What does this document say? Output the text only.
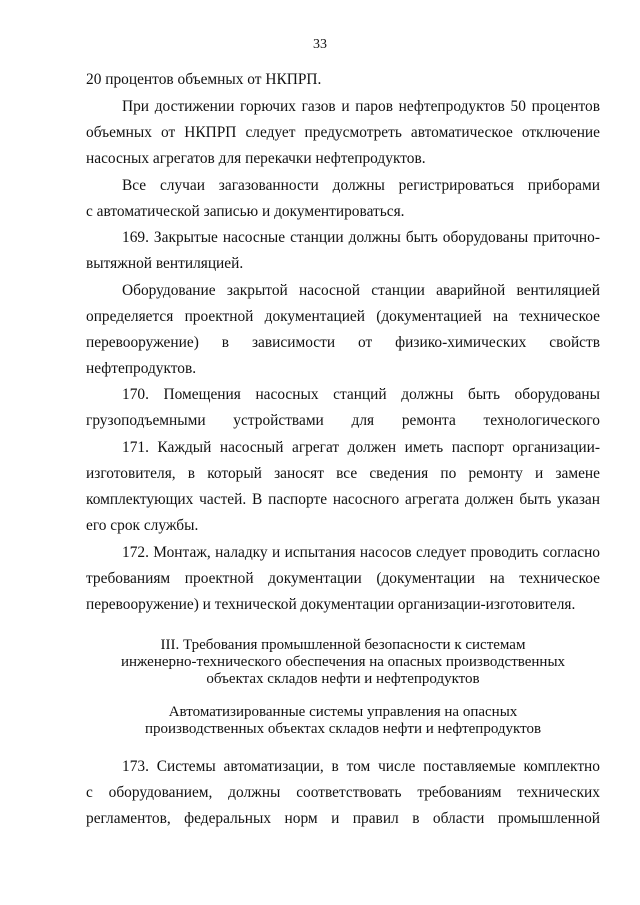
33
20 процентов объемных от НКПРП.
При достижении горючих газов и паров нефтепродуктов 50 процентов
объемных от НКПРП следует предусмотреть автоматическое отключение
насосных агрегатов для перекачки нефтепродуктов.
Все случаи загазованности должны регистрироваться приборами
с автоматической записью и документироваться.
169. Закрытые насосные станции должны быть оборудованы приточно-
вытяжной вентиляцией.
Оборудование закрытой насосной станции аварийной вентиляцией
определяется проектной документацией (документацией на техническое
перевооружение) в зависимости от физико-химических свойств
нефтепродуктов.
170. Помещения насосных станций должны быть оборудованы
грузоподъемными устройствами для ремонта технологического
171. Каждый насосный агрегат должен иметь паспорт организации-
изготовителя, в который заносят все сведения по ремонту и замене
комплектующих частей. В паспорте насосного агрегата должен быть указан
его срок службы.
172. Монтаж, наладку и испытания насосов следует проводить согласно
требованиям проектной документации (документации на техническое
перевооружение) и технической документации организации-изготовителя.
III. Требования промышленной безопасности к системам
инженерно-технического обеспечения на опасных производственных
объектах складов нефти и нефтепродуктов
Автоматизированные системы управления на опасных
производственных объектах складов нефти и нефтепродуктов
173. Системы автоматизации, в том числе поставляемые комплектно
с оборудованием, должны соответствовать требованиям технических
регламентов, федеральных норм и правил в области промышленной
